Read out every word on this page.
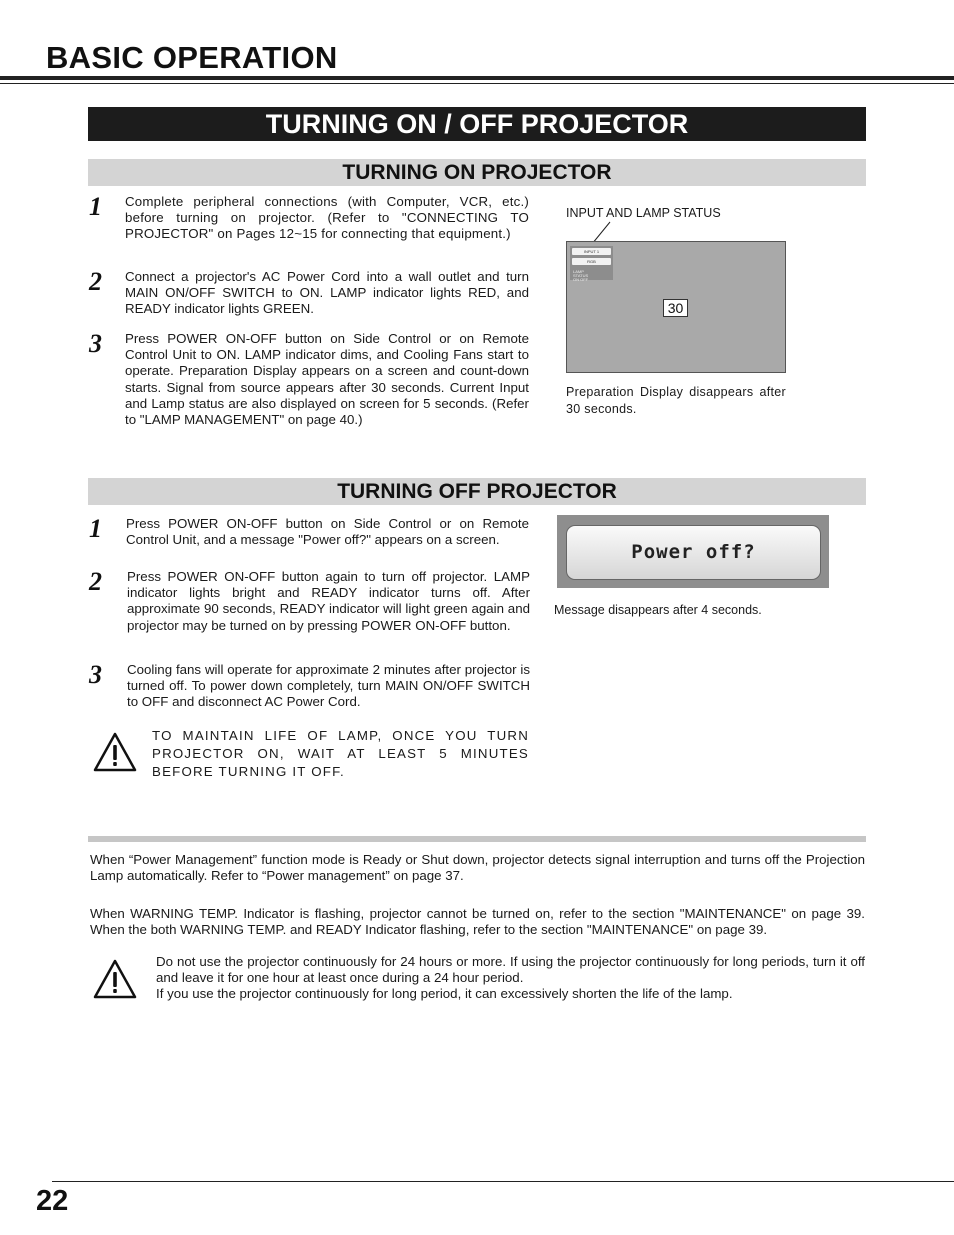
BASIC OPERATION
TURNING ON / OFF PROJECTOR
TURNING ON PROJECTOR
1 Complete peripheral connections (with Computer, VCR, etc.) before turning on projector. (Refer to "CONNECTING TO PROJECTOR" on Pages 12~15 for connecting that equipment.)
2 Connect a projector's AC Power Cord into a wall outlet and turn MAIN ON/OFF SWITCH to ON. LAMP indicator lights RED, and READY indicator lights GREEN.
3 Press POWER ON-OFF button on Side Control or on Remote Control Unit to ON. LAMP indicator dims, and Cooling Fans start to operate. Preparation Display appears on a screen and count-down starts. Signal from source appears after 30 seconds. Current Input and Lamp status are also displayed on screen for 5 seconds. (Refer to "LAMP MANAGEMENT" on page 40.)
INPUT AND LAMP STATUS
INPUT 1
RGB
LAMP
STATUS
ON OFF
30
Preparation Display disappears after 30 seconds.
TURNING OFF PROJECTOR
1 Press POWER ON-OFF button on Side Control or on Remote Control Unit, and a message "Power off?" appears on a screen.
2 Press POWER ON-OFF button again to turn off projector. LAMP indicator lights bright and READY indicator turns off. After approximate 90 seconds, READY indicator will light green again and projector may be turned on by pressing POWER ON-OFF button.
3 Cooling fans will operate for approximate 2 minutes after projector is turned off. To power down completely, turn MAIN ON/OFF SWITCH to OFF and disconnect AC Power Cord.
Power off?
Message disappears after 4 seconds.
TO MAINTAIN LIFE OF LAMP, ONCE YOU TURN PROJECTOR ON, WAIT AT LEAST 5 MINUTES BEFORE TURNING IT OFF.
When “Power Management” function mode is Ready or Shut down, projector detects signal interruption and turns off the Projection Lamp automatically. Refer to “Power management” on page 37.
When WARNING TEMP. Indicator is flashing, projector cannot be turned on, refer to the section "MAINTENANCE" on page 39. When the both WARNING TEMP. and READY Indicator flashing, refer to the section "MAINTENANCE" on page 39.
Do not use the projector continuously for 24 hours or more. If using the projector continuously for long periods, turn it off and leave it for one hour at least once during a 24 hour period.
If you use the projector continuously for long period, it can excessively shorten the life of the lamp.
22
